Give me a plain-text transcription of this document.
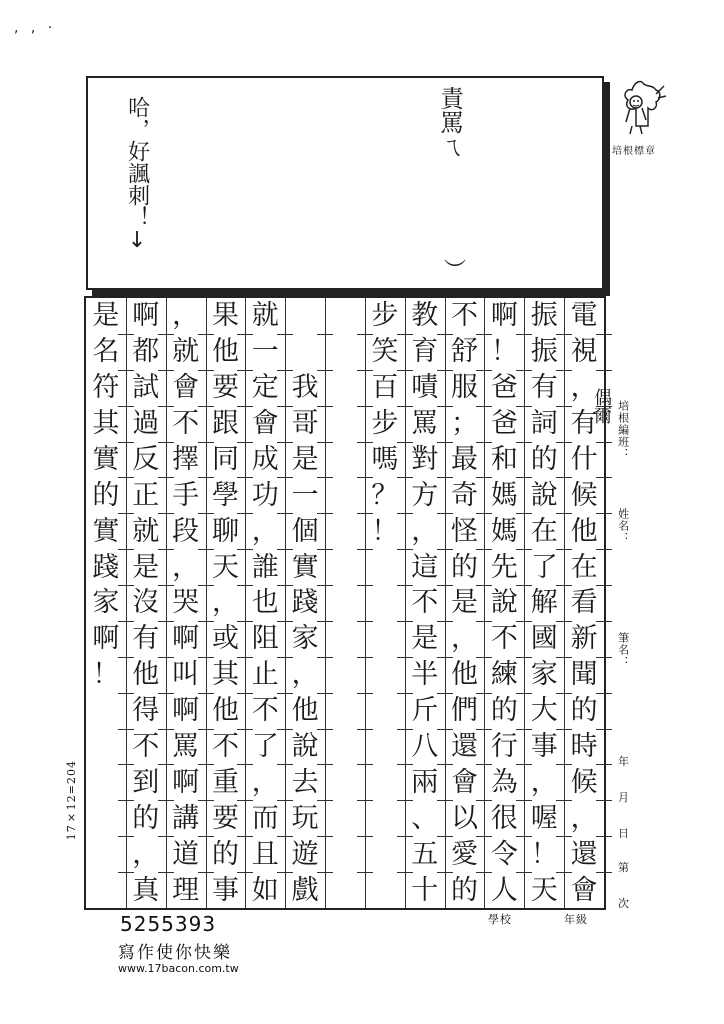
, , ·
哈，好諷刺！↓
責罵ㄟ
︶
培根標章
電
視
，
有
什
候
他
在
看
新
聞
的
時
候
，
還
會
振
振
有
詞
的
說
在
了
解
國
家
大
事
，
喔
！
天
啊
！
爸
爸
和
媽
媽
先
說
不
練
的
行
為
很
令
人
不
舒
服
；
最
奇
怪
的
是
，
他
們
還
會
以
愛
的
教
育
嘖
罵
對
方
，
這
不
是
半
斤
八
兩
、
五
十
步
笑
百
步
嗎
？
！
我
哥
是
一
個
實
踐
家
，
他
說
去
玩
遊
戲
就
一
定
會
成
功
，
誰
也
阻
止
不
了
，
而
且
如
果
他
要
跟
同
學
聊
天
，
或
其
他
不
重
要
的
事
，
就
會
不
擇
手
段
，
哭
啊
叫
啊
罵
啊
講
道
理
啊
都
試
過
反
正
就
是
沒
有
他
得
不
到
的
，
真
是
名
符
其
實
的
實
踐
家
啊
！
培根編班：
偶爾
姓名：
筆名：
年
月
日
第
次
17×12=204
5255393
寫作使你快樂
www.17bacon.com.tw
學校	年級
